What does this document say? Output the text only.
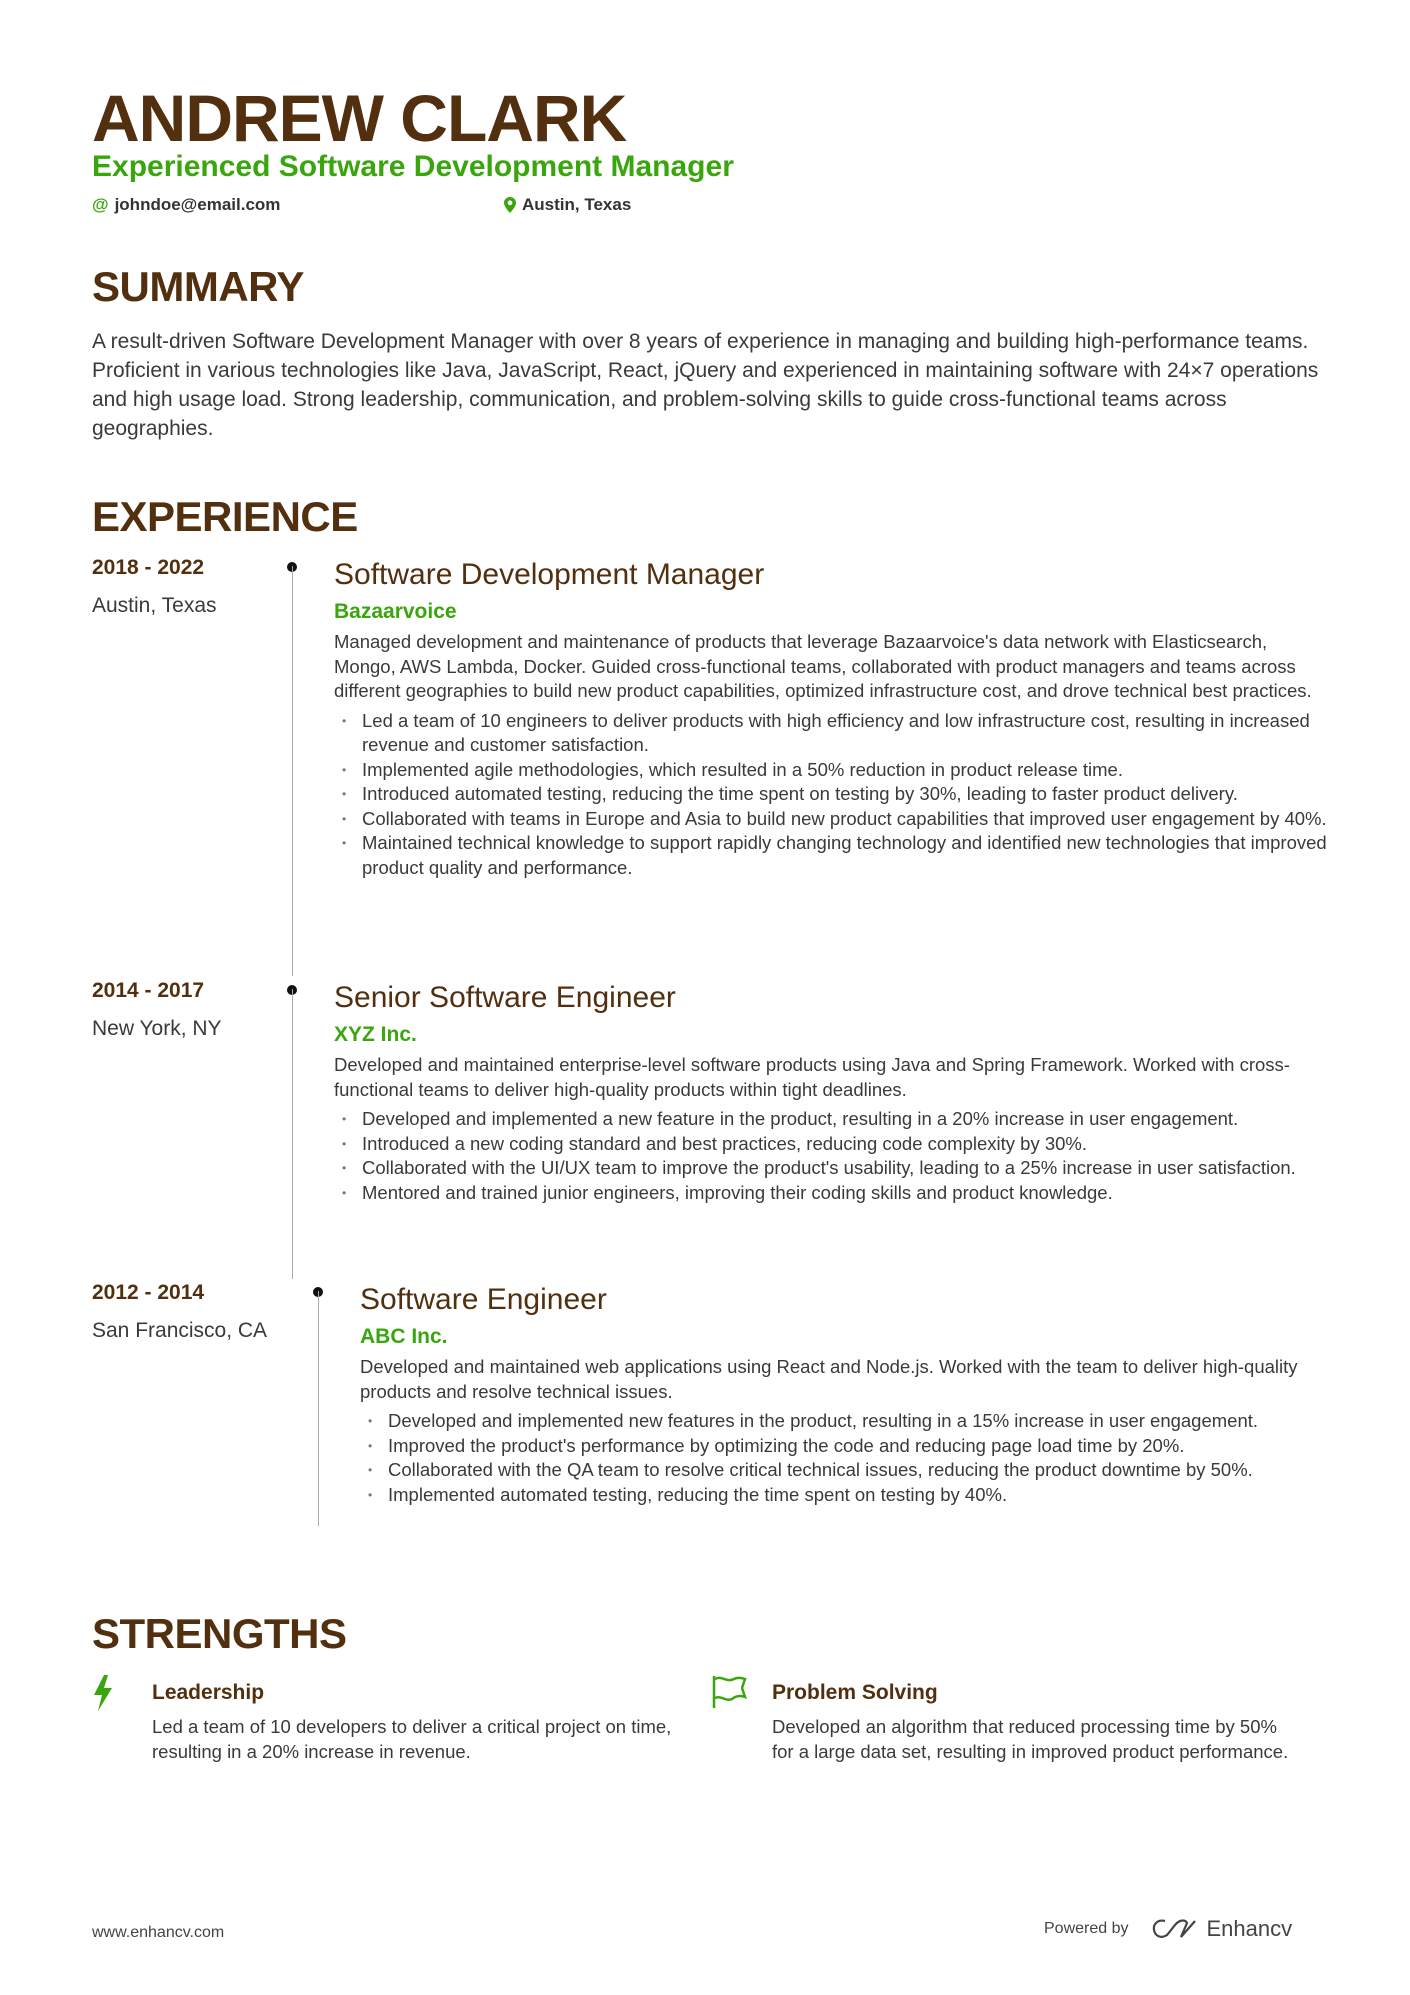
ANDREW CLARK
Experienced Software Development Manager
@ johndoe@email.com	Austin, Texas
SUMMARY
A result-driven Software Development Manager with over 8 years of experience in managing and building high-performance teams. Proficient in various technologies like Java, JavaScript, React, jQuery and experienced in maintaining software with 24×7 operations and high usage load. Strong leadership, communication, and problem-solving skills to guide cross-functional teams across geographies.
EXPERIENCE
2018 - 2022
Austin, Texas
Software Development Manager
Bazaarvoice
Managed development and maintenance of products that leverage Bazaarvoice's data network with Elasticsearch, Mongo, AWS Lambda, Docker. Guided cross-functional teams, collaborated with product managers and teams across different geographies to build new product capabilities, optimized infrastructure cost, and drove technical best practices.
• Led a team of 10 engineers to deliver products with high efficiency and low infrastructure cost, resulting in increased revenue and customer satisfaction.
• Implemented agile methodologies, which resulted in a 50% reduction in product release time.
• Introduced automated testing, reducing the time spent on testing by 30%, leading to faster product delivery.
• Collaborated with teams in Europe and Asia to build new product capabilities that improved user engagement by 40%.
• Maintained technical knowledge to support rapidly changing technology and identified new technologies that improved product quality and performance.
2014 - 2017
New York, NY
Senior Software Engineer
XYZ Inc.
Developed and maintained enterprise-level software products using Java and Spring Framework. Worked with cross-functional teams to deliver high-quality products within tight deadlines.
• Developed and implemented a new feature in the product, resulting in a 20% increase in user engagement.
• Introduced a new coding standard and best practices, reducing code complexity by 30%.
• Collaborated with the UI/UX team to improve the product's usability, leading to a 25% increase in user satisfaction.
• Mentored and trained junior engineers, improving their coding skills and product knowledge.
2012 - 2014
San Francisco, CA
Software Engineer
ABC Inc.
Developed and maintained web applications using React and Node.js. Worked with the team to deliver high-quality products and resolve technical issues.
• Developed and implemented new features in the product, resulting in a 15% increase in user engagement.
• Improved the product's performance by optimizing the code and reducing page load time by 20%.
• Collaborated with the QA team to resolve critical technical issues, reducing the product downtime by 50%.
• Implemented automated testing, reducing the time spent on testing by 40%.
STRENGTHS
Leadership
Led a team of 10 developers to deliver a critical project on time, resulting in a 20% increase in revenue.
Problem Solving
Developed an algorithm that reduced processing time by 50% for a large data set, resulting in improved product performance.
www.enhancv.com	Powered by	Enhancv
